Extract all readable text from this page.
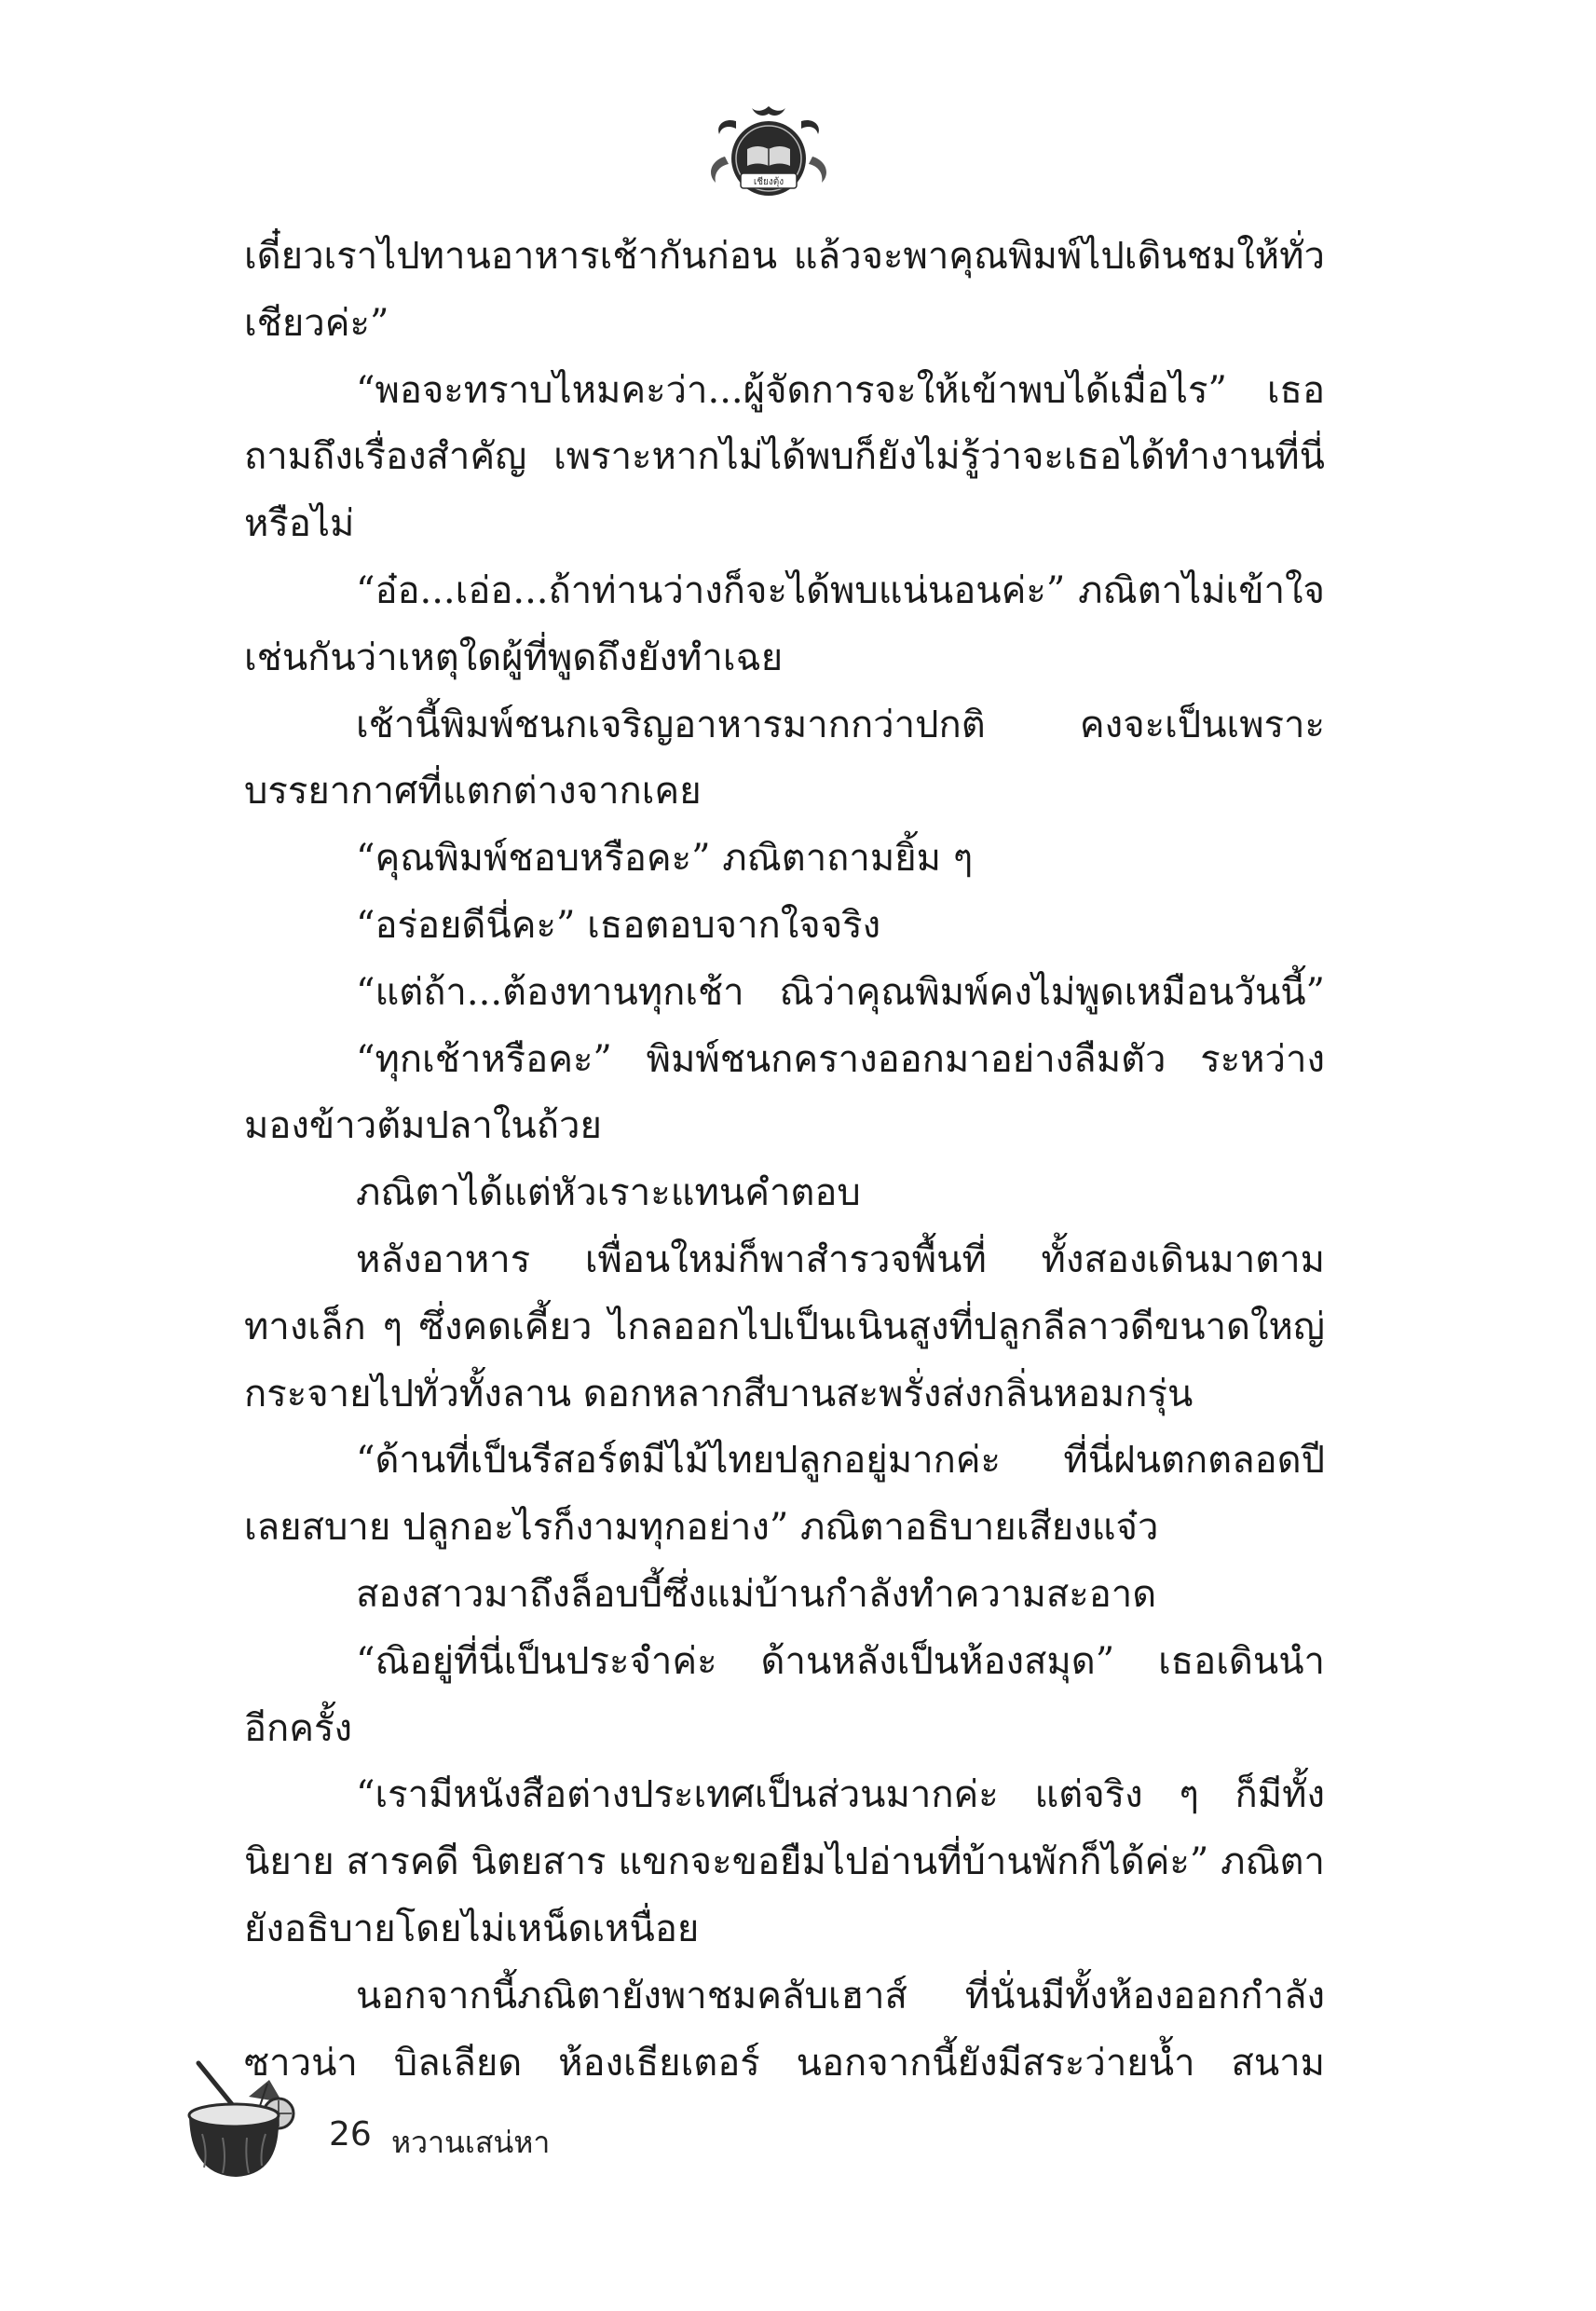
เชียงตุ้ง
เดี๋ยวเราไปทานอาหารเช้ากันก่อน แล้วจะพาคุณพิมพ์ไปเดินชมให้ทั่ว
เชียวค่ะ”
“พอจะทราบไหมคะว่า...ผู้จัดการจะให้เข้าพบได้เมื่อไร” เธอ
ถามถึงเรื่องสำคัญ เพราะหากไม่ได้พบก็ยังไม่รู้ว่าจะเธอได้ทำงานที่นี่
หรือไม่
“อ๋อ...เอ่อ...ถ้าท่านว่างก็จะได้พบแน่นอนค่ะ” ภณิตาไม่เข้าใจ
เช่นกันว่าเหตุใดผู้ที่พูดถึงยังทำเฉย
เช้านี้พิมพ์ชนกเจริญอาหารมากกว่าปกติ คงจะเป็นเพราะ
บรรยากาศที่แตกต่างจากเคย
“คุณพิมพ์ชอบหรือคะ” ภณิตาถามยิ้ม ๆ
“อร่อยดีนี่คะ” เธอตอบจากใจจริง
“แต่ถ้า...ต้องทานทุกเช้า ณิว่าคุณพิมพ์คงไม่พูดเหมือนวันนี้”
“ทุกเช้าหรือคะ” พิมพ์ชนกครางออกมาอย่างลืมตัว ระหว่าง
มองข้าวต้มปลาในถ้วย
ภณิตาได้แต่หัวเราะแทนคำตอบ
หลังอาหาร เพื่อนใหม่ก็พาสำรวจพื้นที่ ทั้งสองเดินมาตาม
ทางเล็ก ๆ ซึ่งคดเคี้ยว ไกลออกไปเป็นเนินสูงที่ปลูกลีลาวดีขนาดใหญ่
กระจายไปทั่วทั้งลาน ดอกหลากสีบานสะพรั่งส่งกลิ่นหอมกรุ่น
“ด้านที่เป็นรีสอร์ตมีไม้ไทยปลูกอยู่มากค่ะ ที่นี่ฝนตกตลอดปี
เลยสบาย ปลูกอะไรก็งามทุกอย่าง” ภณิตาอธิบายเสียงแจ๋ว
สองสาวมาถึงล็อบบี้ซึ่งแม่บ้านกำลังทำความสะอาด
“ณิอยู่ที่นี่เป็นประจำค่ะ ด้านหลังเป็นห้องสมุด” เธอเดินนำ
อีกครั้ง
“เรามีหนังสือต่างประเทศเป็นส่วนมากค่ะ แต่จริง ๆ ก็มีทั้ง
นิยาย สารคดี นิตยสาร แขกจะขอยืมไปอ่านที่บ้านพักก็ได้ค่ะ” ภณิตา
ยังอธิบายโดยไม่เหน็ดเหนื่อย
นอกจากนี้ภณิตายังพาชมคลับเฮาส์ ที่นั่นมีทั้งห้องออกกำลัง
ซาวน่า บิลเลียด ห้องเธียเตอร์ นอกจากนี้ยังมีสระว่ายน้ำ สนาม
26 หวานเสน่หา
